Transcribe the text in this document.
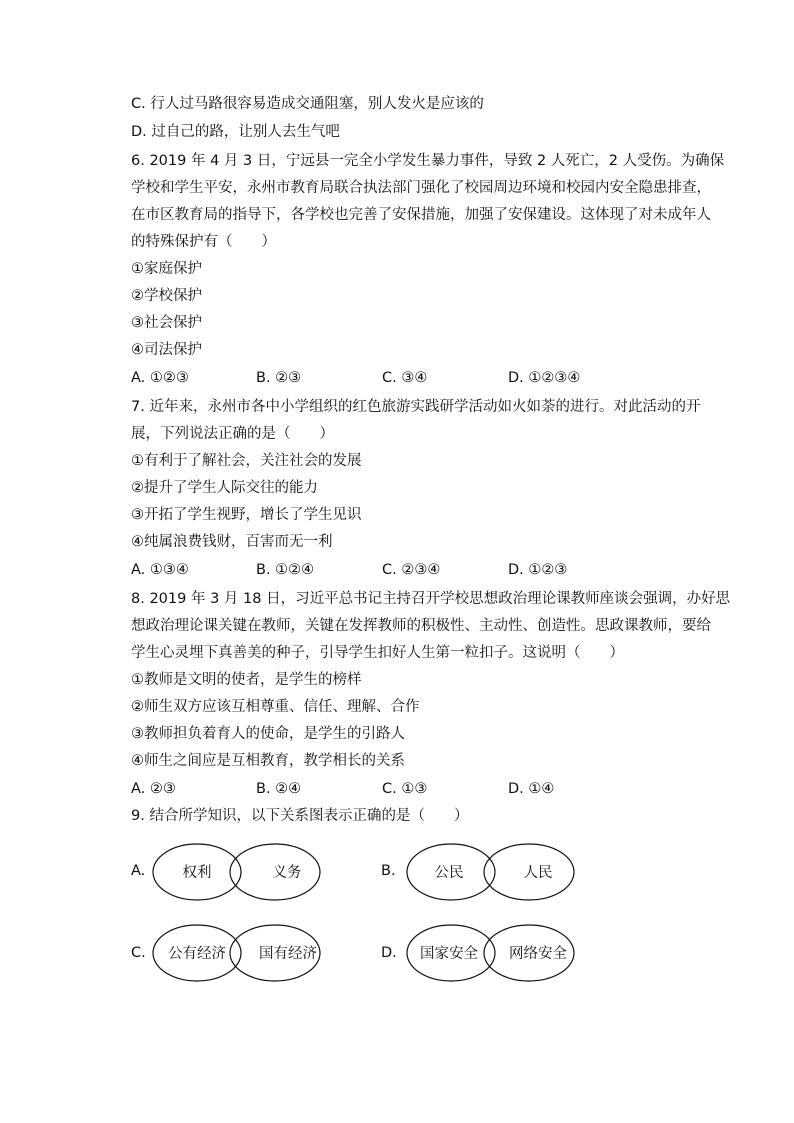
C. 行人过马路很容易造成交通阻塞，别人发火是应该的
D. 过自己的路，让别人去生气吧
6. 2019 年 4 月 3 日，宁远县一完全小学发生暴力事件，导致 2 人死亡，2 人受伤。为确保
学校和学生平安，永州市教育局联合执法部门强化了校园周边环境和校园内安全隐患排查，
在市区教育局的指导下，各学校也完善了安保措施，加强了安保建设。这体现了对未成年人
的特殊保护有（　　）
①家庭保护
②学校保护
③社会保护
④司法保护
A. ①②③	B. ②③	C. ③④	D. ①②③④
7. 近年来，永州市各中小学组织的红色旅游实践研学活动如火如荼的进行。对此活动的开
展，下列说法正确的是（　　）
①有利于了解社会，关注社会的发展
②提升了学生人际交往的能力
③开拓了学生视野，增长了学生见识
④纯属浪费钱财，百害而无一利
A. ①③④	B. ①②④	C. ②③④	D. ①②③
8. 2019 年 3 月 18 日，习近平总书记主持召开学校思想政治理论课教师座谈会强调，办好思
想政治理论课关键在教师，关键在发挥教师的积极性、主动性、创造性。思政课教师，要给
学生心灵埋下真善美的种子，引导学生扣好人生第一粒扣子。这说明（　　）
①教师是文明的使者，是学生的榜样
②师生双方应该互相尊重、信任、理解、合作
③教师担负着育人的使命，是学生的引路人
④师生之间应是互相教育，教学相长的关系
A. ②③	B. ②④	C. ①③	D. ①④
9. 结合所学知识，以下关系图表示正确的是（　　）
A.	权利	义务	B.	公民	人民
C. 公有经济 国有经济	D. 国家安全 网络安全
